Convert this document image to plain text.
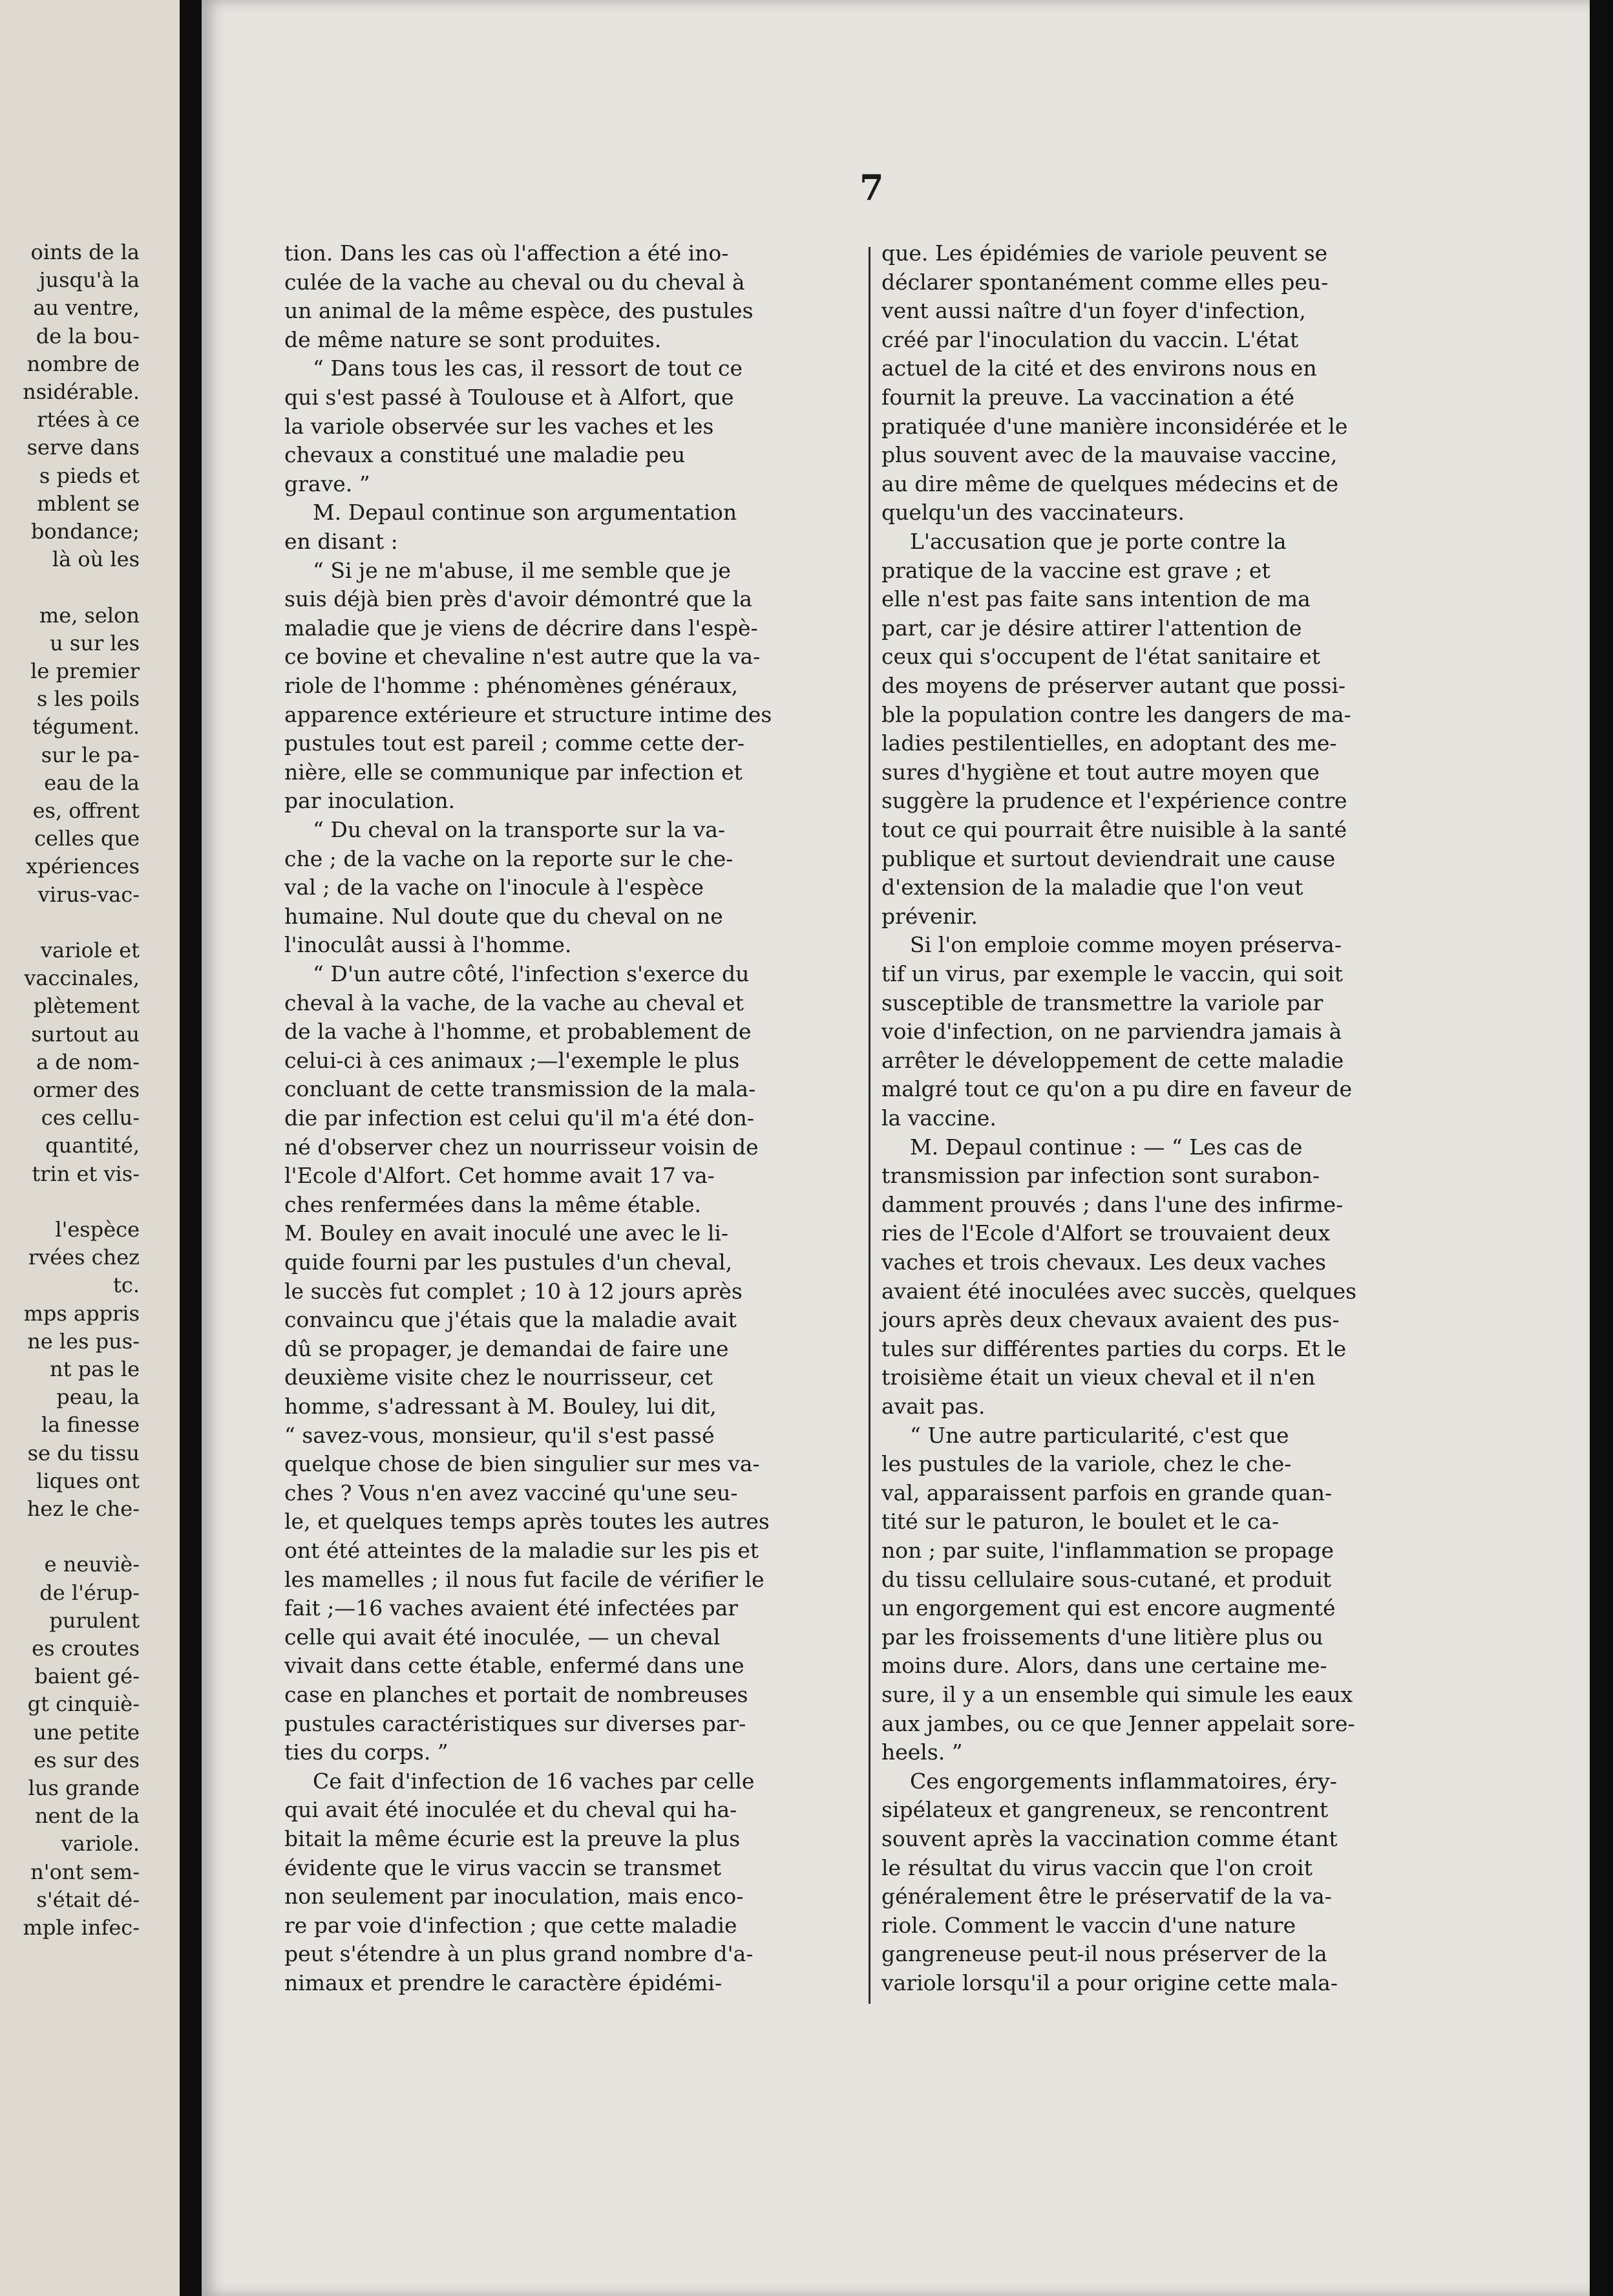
oints de la
jusqu'à la
au ventre,
de la bou-
nombre de
nsidérable.
rtées à ce
serve dans
s pieds et
mblent se
bondance;
là où les
me, selon
u sur les
le premier
s les poils
tégument.
sur le pa-
eau de la
es, offrent
celles que
xpériences
virus-vac-
variole et
vaccinales,
plètement
surtout au
a de nom-
ormer des
ces cellu-
quantité,
trin et vis-
l'espèce
rvées chez
tc.
mps appris
ne les pus-
nt pas le
peau, la
la finesse
se du tissu
liques ont
hez le che-
e neuviè-
de l'érup-
purulent
es croutes
baient gé-
gt cinquiè-
une petite
es sur des
lus grande
nent de la
variole.
n'ont sem-
s'était dé-
mple infec-
7
tion. Dans les cas où l'affection a été ino-
culée de la vache au cheval ou du cheval à
un animal de la même espèce, des pustules
de même nature se sont produites.
“ Dans tous les cas, il ressort de tout ce
qui s'est passé à Toulouse et à Alfort, que
la variole observée sur les vaches et les
chevaux a constitué une maladie peu
grave. ”
M. Depaul continue son argumentation
en disant :
“ Si je ne m'abuse, il me semble que je
suis déjà bien près d'avoir démontré que la
maladie que je viens de décrire dans l'espè-
ce bovine et chevaline n'est autre que la va-
riole de l'homme : phénomènes généraux,
apparence extérieure et structure intime des
pustules tout est pareil ; comme cette der-
nière, elle se communique par infection et
par inoculation.
“ Du cheval on la transporte sur la va-
che ; de la vache on la reporte sur le che-
val ; de la vache on l'inocule à l'espèce
humaine. Nul doute que du cheval on ne
l'inoculât aussi à l'homme.
“ D'un autre côté, l'infection s'exerce du
cheval à la vache, de la vache au cheval et
de la vache à l'homme, et probablement de
celui-ci à ces animaux ;—l'exemple le plus
concluant de cette transmission de la mala-
die par infection est celui qu'il m'a été don-
né d'observer chez un nourrisseur voisin de
l'Ecole d'Alfort. Cet homme avait 17 va-
ches renfermées dans la même étable.
M. Bouley en avait inoculé une avec le li-
quide fourni par les pustules d'un cheval,
le succès fut complet ; 10 à 12 jours après
convaincu que j'étais que la maladie avait
dû se propager, je demandai de faire une
deuxième visite chez le nourrisseur, cet
homme, s'adressant à M. Bouley, lui dit,
“ savez-vous, monsieur, qu'il s'est passé
quelque chose de bien singulier sur mes va-
ches ? Vous n'en avez vacciné qu'une seu-
le, et quelques temps après toutes les autres
ont été atteintes de la maladie sur les pis et
les mamelles ; il nous fut facile de vérifier le
fait ;—16 vaches avaient été infectées par
celle qui avait été inoculée, — un cheval
vivait dans cette étable, enfermé dans une
case en planches et portait de nombreuses
pustules caractéristiques sur diverses par-
ties du corps. ”
Ce fait d'infection de 16 vaches par celle
qui avait été inoculée et du cheval qui ha-
bitait la même écurie est la preuve la plus
évidente que le virus vaccin se transmet
non seulement par inoculation, mais enco-
re par voie d'infection ; que cette maladie
peut s'étendre à un plus grand nombre d'a-
nimaux et prendre le caractère épidémi-
que. Les épidémies de variole peuvent se
déclarer spontanément comme elles peu-
vent aussi naître d'un foyer d'infection,
créé par l'inoculation du vaccin. L'état
actuel de la cité et des environs nous en
fournit la preuve. La vaccination a été
pratiquée d'une manière inconsidérée et le
plus souvent avec de la mauvaise vaccine,
au dire même de quelques médecins et de
quelqu'un des vaccinateurs.
L'accusation que je porte contre la
pratique de la vaccine est grave ; et
elle n'est pas faite sans intention de ma
part, car je désire attirer l'attention de
ceux qui s'occupent de l'état sanitaire et
des moyens de préserver autant que possi-
ble la population contre les dangers de ma-
ladies pestilentielles, en adoptant des me-
sures d'hygiène et tout autre moyen que
suggère la prudence et l'expérience contre
tout ce qui pourrait être nuisible à la santé
publique et surtout deviendrait une cause
d'extension de la maladie que l'on veut
prévenir.
Si l'on emploie comme moyen préserva-
tif un virus, par exemple le vaccin, qui soit
susceptible de transmettre la variole par
voie d'infection, on ne parviendra jamais à
arrêter le développement de cette maladie
malgré tout ce qu'on a pu dire en faveur de
la vaccine.
M. Depaul continue : — “ Les cas de
transmission par infection sont surabon-
damment prouvés ; dans l'une des infirme-
ries de l'Ecole d'Alfort se trouvaient deux
vaches et trois chevaux. Les deux vaches
avaient été inoculées avec succès, quelques
jours après deux chevaux avaient des pus-
tules sur différentes parties du corps. Et le
troisième était un vieux cheval et il n'en
avait pas.
“ Une autre particularité, c'est que
les pustules de la variole, chez le che-
val, apparaissent parfois en grande quan-
tité sur le paturon, le boulet et le ca-
non ; par suite, l'inflammation se propage
du tissu cellulaire sous-cutané, et produit
un engorgement qui est encore augmenté
par les froissements d'une litière plus ou
moins dure. Alors, dans une certaine me-
sure, il y a un ensemble qui simule les eaux
aux jambes, ou ce que Jenner appelait sore-
heels. ”
Ces engorgements inflammatoires, éry-
sipélateux et gangreneux, se rencontrent
souvent après la vaccination comme étant
le résultat du virus vaccin que l'on croit
généralement être le préservatif de la va-
riole. Comment le vaccin d'une nature
gangreneuse peut-il nous préserver de la
variole lorsqu'il a pour origine cette mala-
